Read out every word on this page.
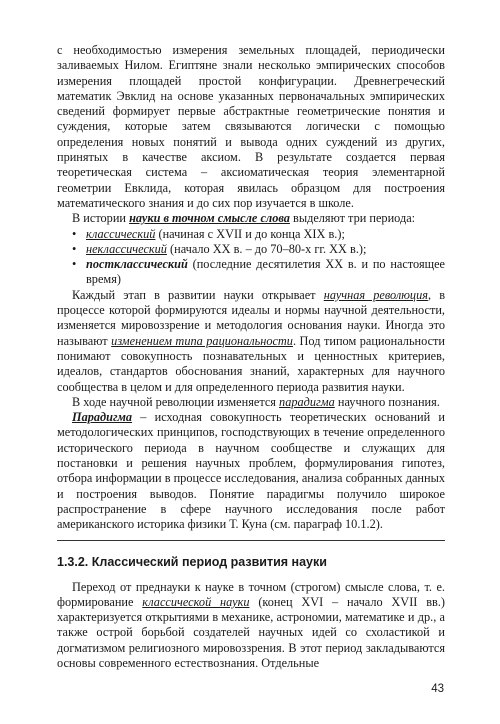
с необходимостью измерения земельных площадей, периодически заливаемых Нилом. Египтяне знали несколько эмпирических способов измерения площадей простой конфигурации. Древнегреческий математик Эвклид на основе указанных первоначальных эмпирических сведений формирует первые абстрактные геометрические понятия и суждения, которые затем связываются логически с помощью определения новых понятий и вывода одних суждений из других, принятых в качестве аксиом. В результате создается первая теоретическая система – аксиоматическая теория элементарной геометрии Евклида, которая явилась образцом для построения математического знания и до сих пор изучается в школе.

В истории науки в точном смысле слова выделяют три периода:

• классический (начиная с XVII и до конца XIX в.);
• неклассический (начало XX в. – до 70–80-х гг. XX в.);
• постклассический (последние десятилетия XX в. и по настоящее время)

Каждый этап в развитии науки открывает научная революция, в процессе которой формируются идеалы и нормы научной деятельности, изменяется мировоззрение и методология основания науки. Иногда это называют изменением типа рациональности. Под типом рациональности понимают совокупность познавательных и ценностных критериев, идеалов, стандартов обоснования знаний, характерных для научного сообщества в целом и для определенного периода развития науки.

В ходе научной революции изменяется парадигма научного познания.

Парадигма – исходная совокупность теоретических оснований и методологических принципов, господствующих в течение определенного исторического периода в научном сообществе и служащих для постановки и решения научных проблем, формулирования гипотез, отбора информации в процессе исследования, анализа собранных данных и построения выводов. Понятие парадигмы получило широкое распространение в сфере научного исследования после работ американского историка физики Т. Куна (см. параграф 10.1.2).

1.3.2. Классический период развития науки

Переход от преднауки к науке в точном (строгом) смысле слова, т. е. формирование классической науки (конец XVI – начало XVII вв.) характеризуется открытиями в механике, астрономии, математике и др., а также острой борьбой создателей научных идей со схоластикой и догматизмом религиозного мировоззрения. В этот период закладываются основы современного естествознания. Отдельные

43
